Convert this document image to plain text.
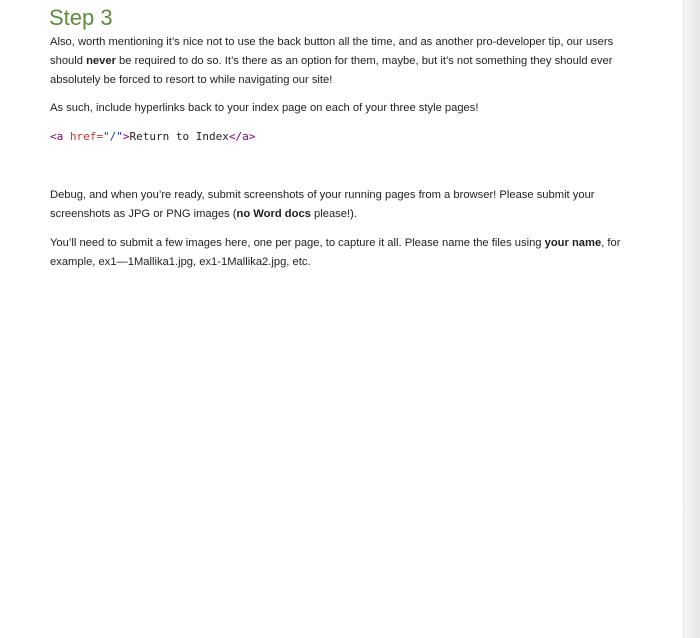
Step 3

Also, worth mentioning it’s nice not to use the back button all the time, and as another pro-developer tip, our users should never be required to do so. It’s there as an option for them, maybe, but it’s not something they should ever absolutely be forced to resort to while navigating our site!

As such, include hyperlinks back to your index page on each of your three style pages!

<a href="/">Return to Index</a>

Debug, and when you’re ready, submit screenshots of your running pages from a browser! Please submit your screenshots as JPG or PNG images (no Word docs please!).

You’ll need to submit a few images here, one per page, to capture it all. Please name the files using your name, for example, ex1—1Mallika1.jpg, ex1-1Mallika2.jpg, etc.
